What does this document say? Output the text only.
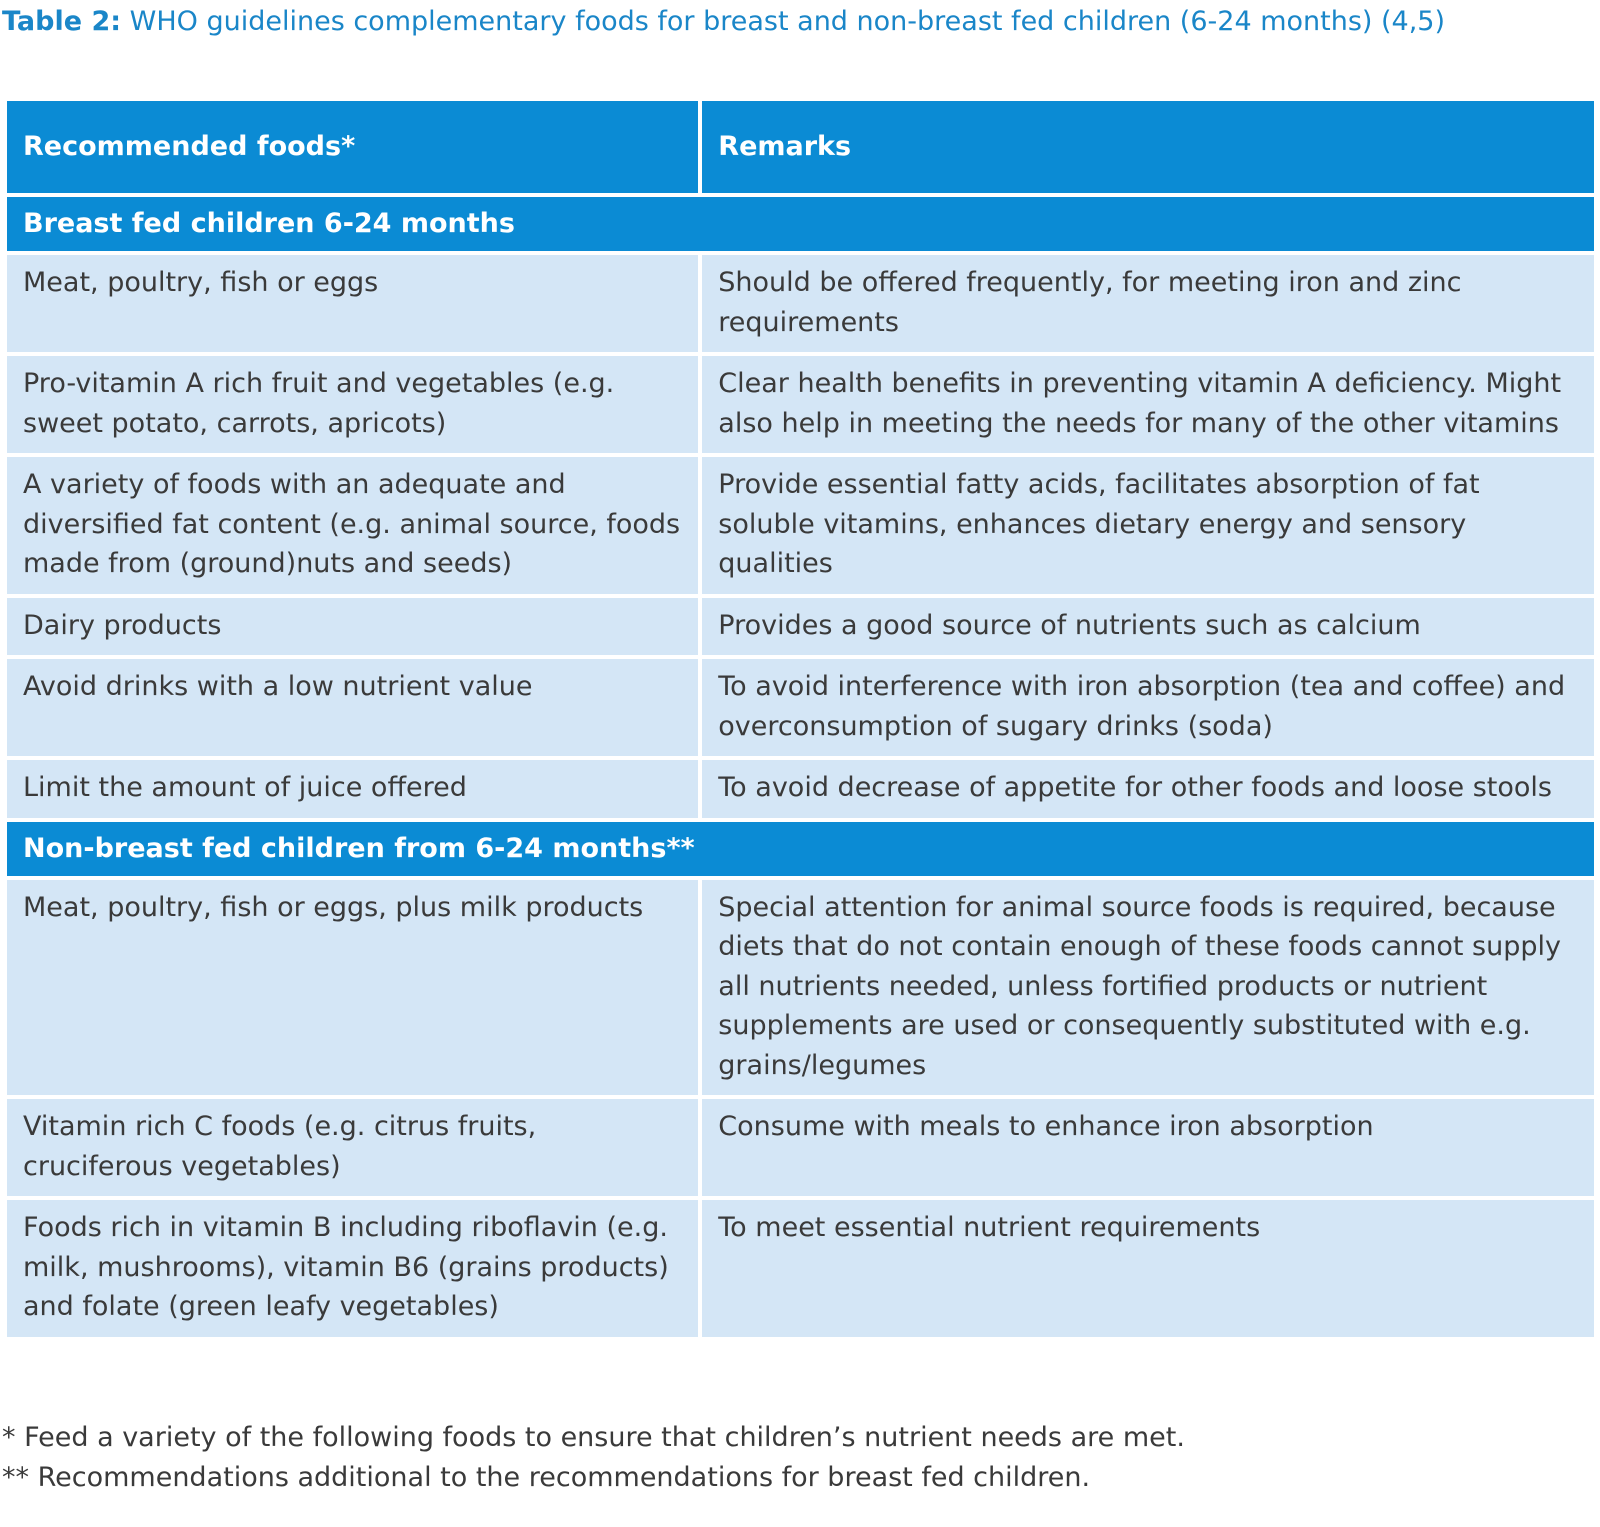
Table 2: WHO guidelines complementary foods for breast and non-breast fed children (6-24 months) (4,5)
Recommended foods*	Remarks
Breast fed children 6-24 months	
Meat, poultry, fish or eggs	Should be offered frequently, for meeting iron and zinc requirements
Pro-vitamin A rich fruit and vegetables (e.g. sweet potato, carrots, apricots)	Clear health benefits in preventing vitamin A deficiency. Might also help in meeting the needs for many of the other vitamins
A variety of foods with an adequate and diversified fat content (e.g. animal source, foods made from (ground)nuts and seeds)	Provide essential fatty acids, facilitates absorption of fat soluble vitamins, enhances dietary energy and sensory qualities
Dairy products	Provides a good source of nutrients such as calcium
Avoid drinks with a low nutrient value	To avoid interference with iron absorption (tea and coffee) and overconsumption of sugary drinks (soda)
Limit the amount of juice offered	To avoid decrease of appetite for other foods and loose stools
Non-breast fed children from 6-24 months**	
Meat, poultry, fish or eggs, plus milk products	Special attention for animal source foods is required, because diets that do not contain enough of these foods cannot supply all nutrients needed, unless fortified products or nutrient supplements are used or consequently substituted with e.g. grains/legumes
Vitamin rich C foods (e.g. citrus fruits, cruciferous vegetables)	Consume with meals to enhance iron absorption
Foods rich in vitamin B including riboflavin (e.g. milk, mushrooms), vitamin B6 (grains products) and folate (green leafy vegetables)	To meet essential nutrient requirements
* Feed a variety of the following foods to ensure that children’s nutrient needs are met.
** Recommendations additional to the recommendations for breast fed children.
